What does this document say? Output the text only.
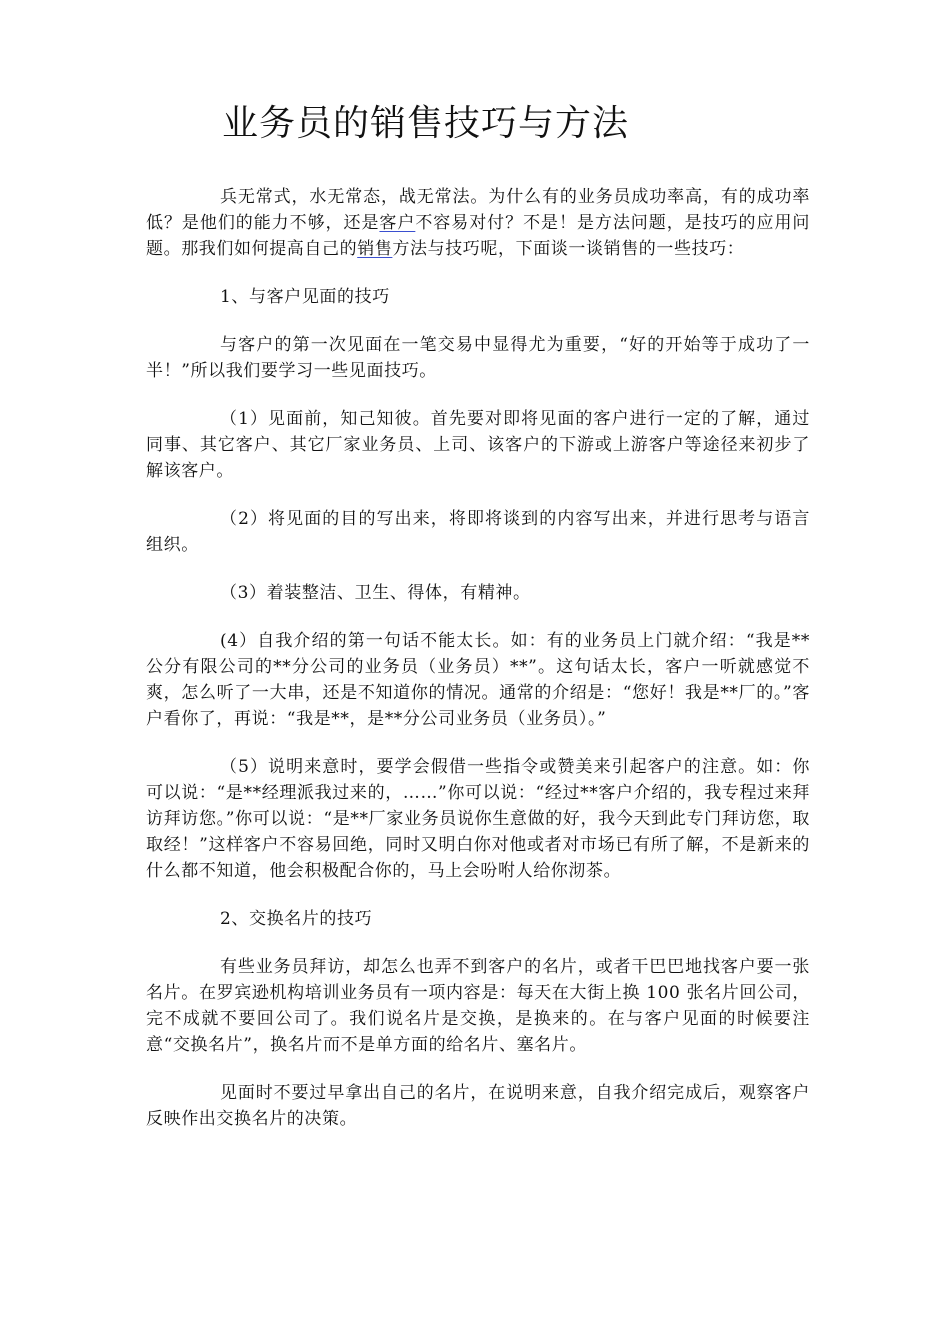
业务员的销售技巧与方法

兵无常式，水无常态，战无常法。为什么有的业务员成功率高，有的成功率低？是他们的能力不够，还是客户不容易对付？不是！是方法问题，是技巧的应用问题。那我们如何提高自己的销售方法与技巧呢，下面谈一谈销售的一些技巧：

1、与客户见面的技巧

与客户的第一次见面在一笔交易中显得尤为重要，“好的开始等于成功了一半！”所以我们要学习一些见面技巧。

（1）见面前，知己知彼。首先要对即将见面的客户进行一定的了解，通过同事、其它客户、其它厂家业务员、上司、该客户的下游或上游客户等途径来初步了解该客户。

（2）将见面的目的写出来，将即将谈到的内容写出来，并进行思考与语言组织。

（3）着装整洁、卫生、得体，有精神。

(4）自我介绍的第一句话不能太长。如：有的业务员上门就介绍：“我是**公分有限公司的**分公司的业务员（业务员）**”。这句话太长，客户一听就感觉不爽，怎么听了一大串，还是不知道你的情况。通常的介绍是：“您好！我是**厂的。”客户看你了，再说：“我是**，是**分公司业务员（业务员）。”

（5）说明来意时，要学会假借一些指令或赞美来引起客户的注意。如：你可以说：“是**经理派我过来的，……”你可以说：“经过**客户介绍的，我专程过来拜访拜访您。”你可以说：“是**厂家业务员说你生意做的好，我今天到此专门拜访您，取取经！”这样客户不容易回绝，同时又明白你对他或者对市场已有所了解，不是新来的什么都不知道，他会积极配合你的，马上会吩咐人给你沏茶。

2、交换名片的技巧

有些业务员拜访，却怎么也弄不到客户的名片，或者干巴巴地找客户要一张名片。在罗宾逊机构培训业务员有一项内容是：每天在大街上换 100 张名片回公司，完不成就不要回公司了。我们说名片是交换，是换来的。在与客户见面的时候要注意“交换名片”，换名片而不是单方面的给名片、塞名片。

见面时不要过早拿出自己的名片，在说明来意，自我介绍完成后，观察客户反映作出交换名片的决策。
